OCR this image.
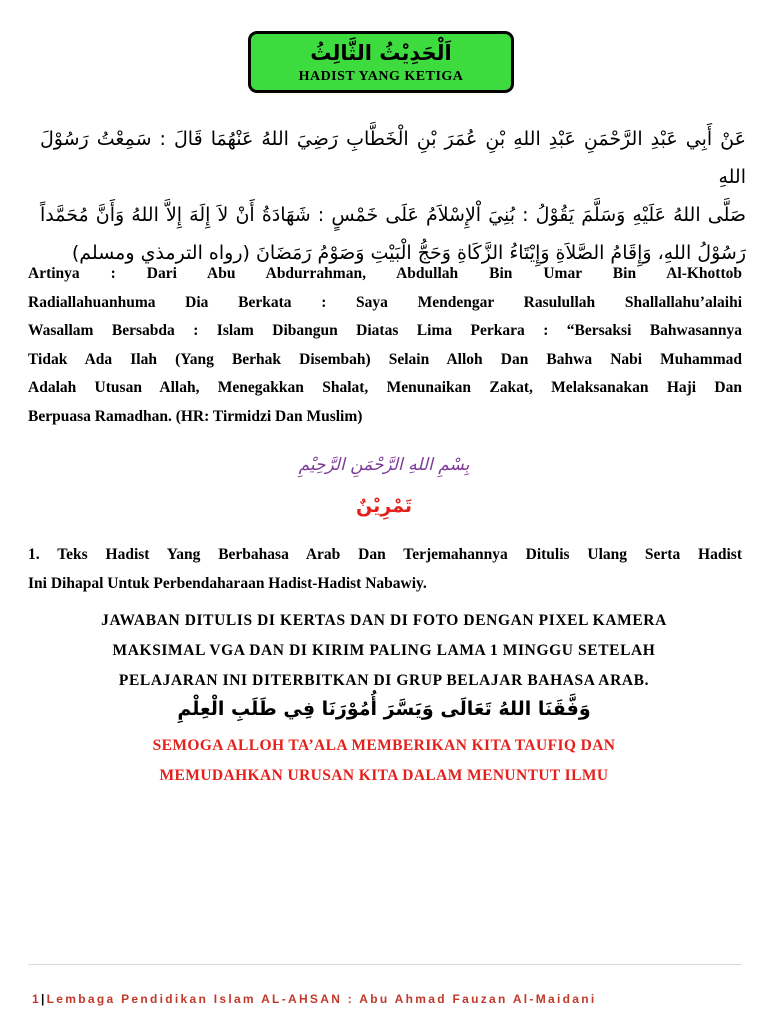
اَلْحَدِيْثُ الثَّالِثُ
HADIST YANG KETIGA
عَنْ أَبِي عَبْدِ الرَّحْمَنِ عَبْدِ اللهِ بْنِ عُمَرَ بْنِ الْخَطَّابِ رَضِيَ اللهُ عَنْهُمَا قَالَ : سَمِعْتُ رَسُوْلَ اللهِ
صَلَّى اللهُ عَلَيْهِ وَسَلَّمَ يَقُوْلُ : بُنِيَ اْلإِسْلاَمُ عَلَى خَمْسٍ : شَهَادَةُ أَنْ لاَ إِلَهَ إِلاَّ اللهُ وَأَنَّ مُحَمَّداً
رَسُوْلُ اللهِ، وَإِقَامُ الصَّلاَةِ وَإِيْتَاءُ الزَّكَاةِ وَحَجُّ الْبَيْتِ وَصَوْمُ رَمَضَانَ (رواه الترمذي ومسلم)
Artinya : Dari Abu Abdurrahman, Abdullah Bin Umar Bin Al-Khottob
Radiallahuanhuma Dia Berkata : Saya Mendengar Rasulullah Shallallahu’alaihi
Wasallam Bersabda : Islam Dibangun Diatas Lima Perkara : “Bersaksi Bahwasannya
Tidak Ada Ilah (Yang Berhak Disembah) Selain Alloh Dan Bahwa Nabi Muhammad
Adalah Utusan Allah, Menegakkan Shalat, Menunaikan Zakat, Melaksanakan Haji Dan
Berpuasa Ramadhan. (HR: Tirmidzi Dan Muslim)
بِسْمِ اللهِ الرَّحْمَنِ الرَّحِيْمِ
تَمْرِيْنٌ
1. Teks Hadist Yang Berbahasa Arab Dan Terjemahannya Ditulis Ulang Serta Hadist
Ini Dihapal Untuk Perbendaharaan Hadist-Hadist Nabawiy.
JAWABAN DITULIS DI KERTAS DAN DI FOTO DENGAN PIXEL KAMERA
MAKSIMAL VGA DAN DI KIRIM PALING LAMA 1 MINGGU SETELAH
PELAJARAN INI DITERBITKAN DI GRUP BELAJAR BAHASA ARAB.
وَفَّقَنَا اللهُ تَعَالَى وَيَسَّرَ أُمُوْرَنَا فِي طَلَبِ الْعِلْمِ
SEMOGA ALLOH TA’ALA MEMBERIKAN KITA TAUFIQ DAN
MEMUDAHKAN URUSAN KITA DALAM MENUNTUT ILMU
1|Lembaga Pendidikan Islam AL-AHSAN : Abu Ahmad Fauzan Al-Maidani
